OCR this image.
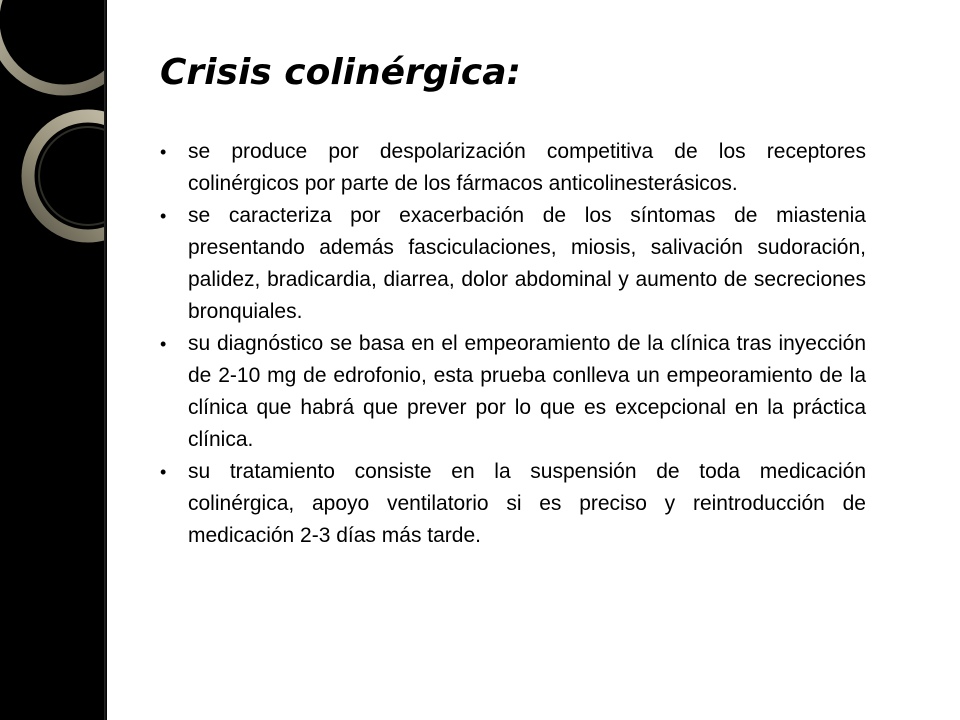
Crisis colinérgica:
•	se produce por despolarización competitiva de los receptores colinérgicos por parte de los fármacos anticolinesterásicos.
•	se caracteriza por exacerbación de los síntomas de miastenia presentando además fasciculaciones, miosis, salivación sudoración, palidez, bradicardia, diarrea, dolor abdominal y aumento de secreciones bronquiales.
•	su diagnóstico se basa en el empeoramiento de la clínica tras inyección de 2-10 mg de edrofonio, esta prueba conlleva un empeoramiento de la clínica que habrá que prever por lo que es excepcional en la práctica clínica.
•	su tratamiento consiste en la suspensión de toda medicación colinérgica, apoyo ventilatorio si es preciso y reintroducción de medicación 2-3 días más tarde.
